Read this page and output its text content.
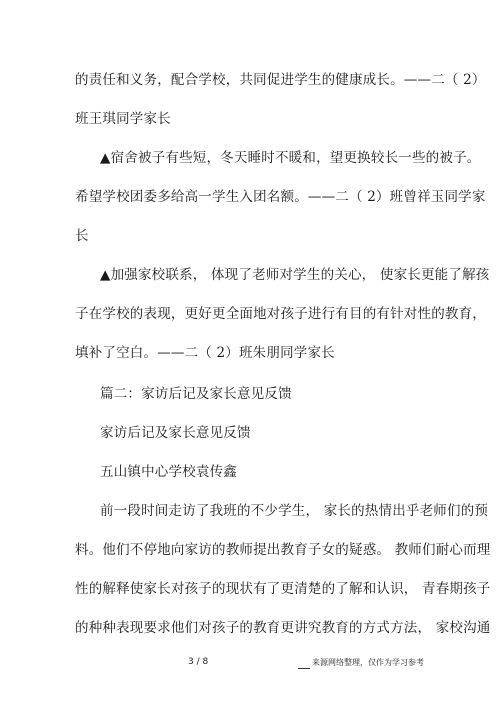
的责任和义务，配合学校，共同促进学生的健康成长。——二（ 2）
班王琪同学家长
▲宿舍被子有些短，冬天睡时不暖和，望更换较长一些的被子。
希望学校团委多给高一学生入团名额。——二（ 2）班曾祥玉同学家
长
▲加强家校联系， 体现了老师对学生的关心， 使家长更能了解孩
子在学校的表现，更好更全面地对孩子进行有目的有针对性的教育，
填补了空白。——二（ 2）班朱朋同学家长
篇二：家访后记及家长意见反馈
家访后记及家长意见反馈
五山镇中心学校袁传鑫
前一段时间走访了我班的不少学生， 家长的热情出乎老师们的预
料。他们不停地向家访的教师提出教育子女的疑惑。 教师们耐心而理
性的解释使家长对孩子的现状有了更清楚的了解和认识， 青春期孩子
的种种表现要求他们对孩子的教育更讲究教育的方式方法， 家校沟通
3 / 8	来源网络整理，仅作为学习参考
